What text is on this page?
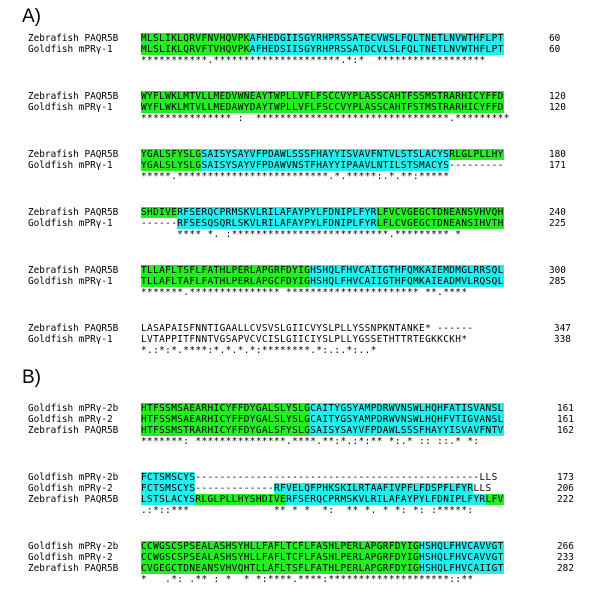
A)
Zebrafish PAQR5B MLSLIKLQRVFNVHQVPKAFHEDGIISGYRHPRSSATECVWSLFQLTNETLNVWTHFLPT	60
Goldfish mPRγ-1	MLSLIKLQRVFTVHQVPKAFHEDSIISGYRHPRSSATDCVLSLFQLTNETLNVWTHFLPT	60
***********.*********************.*:*  ******************
Zebrafish PAQR5B WYFLWKLMTVLLMEDVWNEAYTWPLLVFLFSCCVYPLASSCAHTFSSMSTRARHICYFFD	120
Goldfish mPRγ-1	WYFLWKLMTVLLMEDAWYDAYTWPLLVFLFSCCVYPLASSCAHTFSTMSTRARHICYFFD	120
*************** :  ********************************.*********
Zebrafish PAQR5B YGALSFYSLGSAISYSAYVFPDAWLSSSFHAYYISVAVFNTVLSTSLACYSRLGLPLLHY	180
Goldfish mPRγ-1	YGALSLYSLGSAISYSAYVFPDAWVNSTFHAYYIPAAVLNTILSTSMACYS---------	171
*****.*************************.*.*****:.*.**:*****
Zebrafish PAQR5B SHDIVERFSERQCPRMSKVLRILAFAYPYLFDNIPLFYRLFVCVGEGCTDNEANSVHVQH	240
Goldfish mPRγ-1	------RFSESQSQRLSKVLRILAFAYPYLFDNIPLFYRLFLCVGEGCTDNEANSIHVTH	225
**** *. :**************************.********* *
Zebrafish PAQR5B TLLAFLTSFLFATHLPERLAPGRFDYIGHSHQLFHVCAIIGTHFQMKAIEMDMGLRRSQL	300
Goldfish mPRγ-1	TLLAFLTAFLFATHLPERLAPGCFDYIGHSHQLFHVCAIIGTHFQMKAIEADMVLRQSQL	285
*******.*************** ********************** **.****
Zebrafish PAQR5B LASAPAISFNNTIGAALLCVSVSLGIICVYSLPLLYSSNPKNTANKE* ------	347
Goldfish mPRγ-1	LVTAPPITFNNTVGSAPVCVCISLGIICIYSLPLLYGSSETHTTRTEGKKCKH*	338
*.:*:*.****:*.*.*.*:********.*:.:.*:..*
B)
Goldfish mPRγ-2b HTFSSMSAEARHICYFFDYGALSLYSLGCAITYGSYAMPDRWVNSWLHQHFATISVANSL	161
Goldfish mPRγ-2	HTFSSMSAEARHICYFFDYGALSLYSLGCAITYGSYAMPDRWVNSWLHQHFVTIGVANSL	161
Zebrafish PAQR5B HTFSSMSTRARHICYFFDYGALSFYSLGSAISYSAYVFPDAWLSSSFHAYYISVAVFNTV	162
*******: ***************.****.**:*.:*:** *:.* :: ::.* *:
Goldfish mPRγ-2b FCTSMSCYS-----------------------------------------------LLS	173
Goldfish mPRγ-2	FCTSMSCYS-------------RFVELQFPHKSKILRTAAFIVPFLFDSPFLFYRLLS	206
Zebrafish PAQR5B LSTSLACYSRLGLPLLHYSHDIVERFSERQCPRMSKVLRILAFAYPYLFDNIPLFYRLFV	222
.:*::***              ** * *  *:  ** *. * *: *: :*****:
Goldfish mPRγ-2b CCWGSCSPSEALASHSYHLLFAFLTCFLFASHLPERLAPGRFDYIGHSHQLFHVCAVVGT	266
Goldfish mPRγ-2	CCWGSCSPSEALASHSYHLLFAFLTCFLFASHLPERLAPGRFDYIGHSHQLFHVCAVVGT	233
Zebrafish PAQR5B CVGEGCTDNEANSVHVQHTLLAFLTSFLFATHLPERLAPGRFDYIGHSHQLFHVCAIIGT	282
*   .*: .** : *  * *:****.****:********************::**
